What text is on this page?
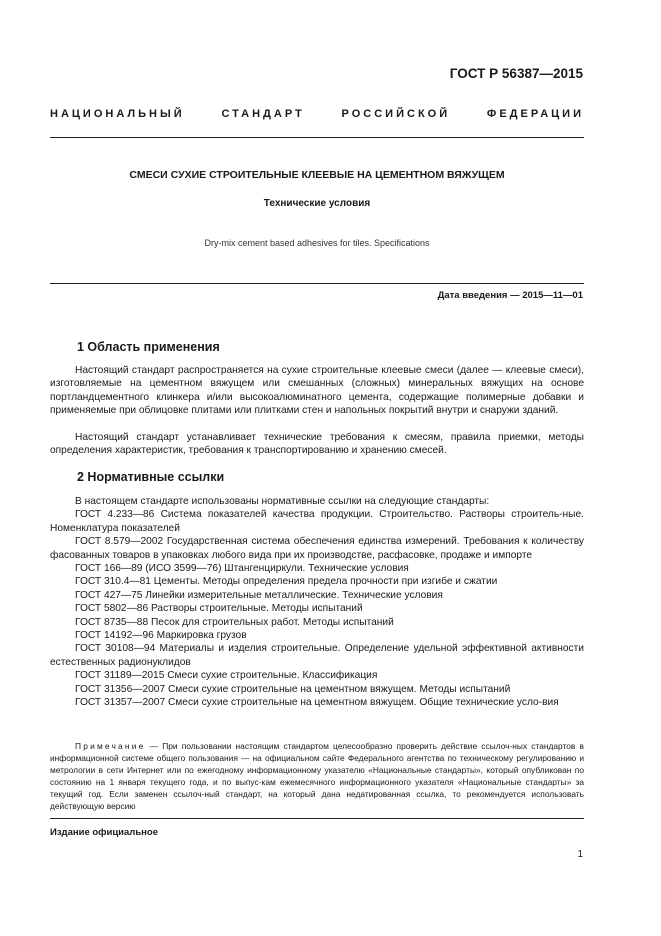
ГОСТ Р 56387—2015
НАЦИОНАЛЬНЫЙ СТАНДАРТ РОССИЙСКОЙ ФЕДЕРАЦИИ
СМЕСИ СУХИЕ СТРОИТЕЛЬНЫЕ КЛЕЕВЫЕ НА ЦЕМЕНТНОМ ВЯЖУЩЕМ
Технические условия
Dry-mix cement based adhesives for tiles. Specifications
Дата введения — 2015—11—01
1 Область применения
Настоящий стандарт распространяется на сухие строительные клеевые смеси (далее — клеевые смеси), изготовляемые на цементном вяжущем или смешанных (сложных) минеральных вяжущих на основе портландцементного клинкера и/или высокоалюминатного цемента, содержащие полимерные добавки и применяемые при облицовке плитами или плитками стен и напольных покрытий внутри и снаружи зданий.
Настоящий стандарт устанавливает технические требования к смесям, правила приемки, методы определения характеристик, требования к транспортированию и хранению смесей.
2 Нормативные ссылки
В настоящем стандарте использованы нормативные ссылки на следующие стандарты:
ГОСТ 4.233—86 Система показателей качества продукции. Строительство. Растворы строитель-ные. Номенклатура показателей
ГОСТ 8.579—2002 Государственная система обеспечения единства измерений. Требования к количеству фасованных товаров в упаковках любого вида при их производстве, расфасовке, продаже и импорте
ГОСТ 166—89 (ИСО 3599—76) Штангенциркули. Технические условия
ГОСТ 310.4—81 Цементы. Методы определения предела прочности при изгибе и сжатии
ГОСТ 427—75 Линейки измерительные металлические. Технические условия
ГОСТ 5802—86 Растворы строительные. Методы испытаний
ГОСТ 8735—88 Песок для строительных работ. Методы испытаний
ГОСТ 14192—96 Маркировка грузов
ГОСТ 30108—94 Материалы и изделия строительные. Определение удельной эффективной активности естественных радионуклидов
ГОСТ 31189—2015 Смеси сухие строительные. Классификация
ГОСТ 31356—2007 Смеси сухие строительные на цементном вяжущем. Методы испытаний
ГОСТ 31357—2007 Смеси сухие строительные на цементном вяжущем. Общие технические усло-вия
Примечание — При пользовании настоящим стандартом целесообразно проверить действие ссылоч-ных стандартов в информационной системе общего пользования — на официальном сайте Федерального агентства по техническому регулированию и метрологии в сети Интернет или по ежегодному информационному указателю «Национальные стандарты», который опубликован по состоянию на 1 января текущего года, и по выпус-кам ежемесячного информационного указателя «Национальные стандарты» за текущий год. Если заменен ссылоч-ный стандарт, на который дана недатированная ссылка, то рекомендуется использовать действующую версию
Издание официальное
1
